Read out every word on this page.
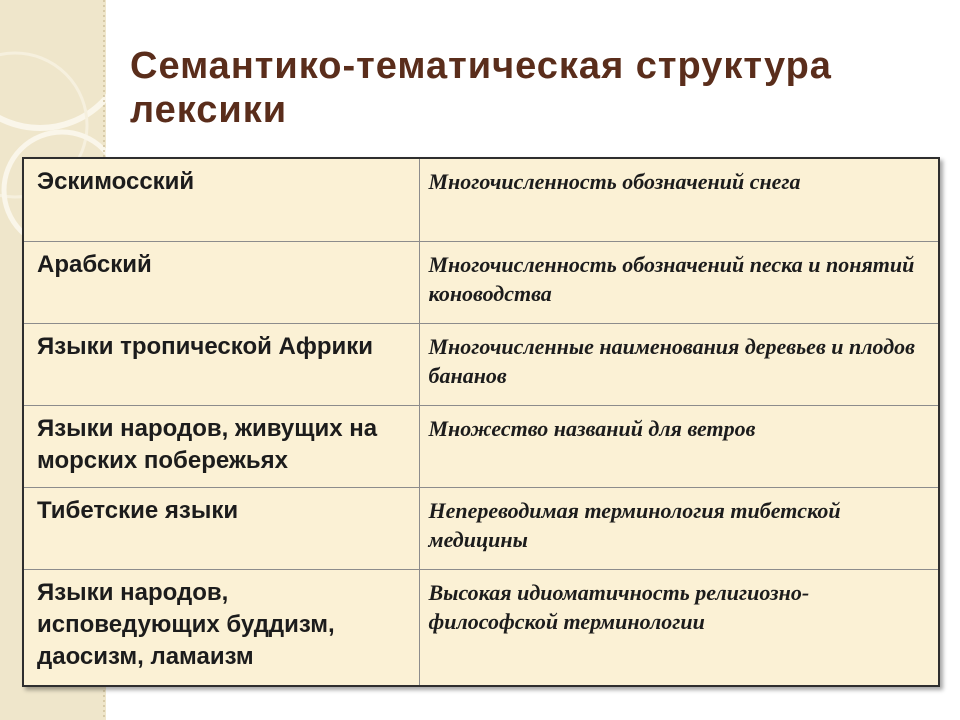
Семантико-тематическая структура лексики
Эскимосский	Многочисленность обозначений снега
Арабский	Многочисленность обозначений песка и понятий коноводства
Языки тропической Африки	Многочисленные наименования деревьев и плодов бананов
Языки народов, живущих на морских побережьях	Множество названий для ветров
Тибетские языки	Непереводимая терминология тибетской медицины
Языки народов, исповедующих буддизм, даосизм, ламаизм	Высокая идиоматичность религиозно-философской терминологии
